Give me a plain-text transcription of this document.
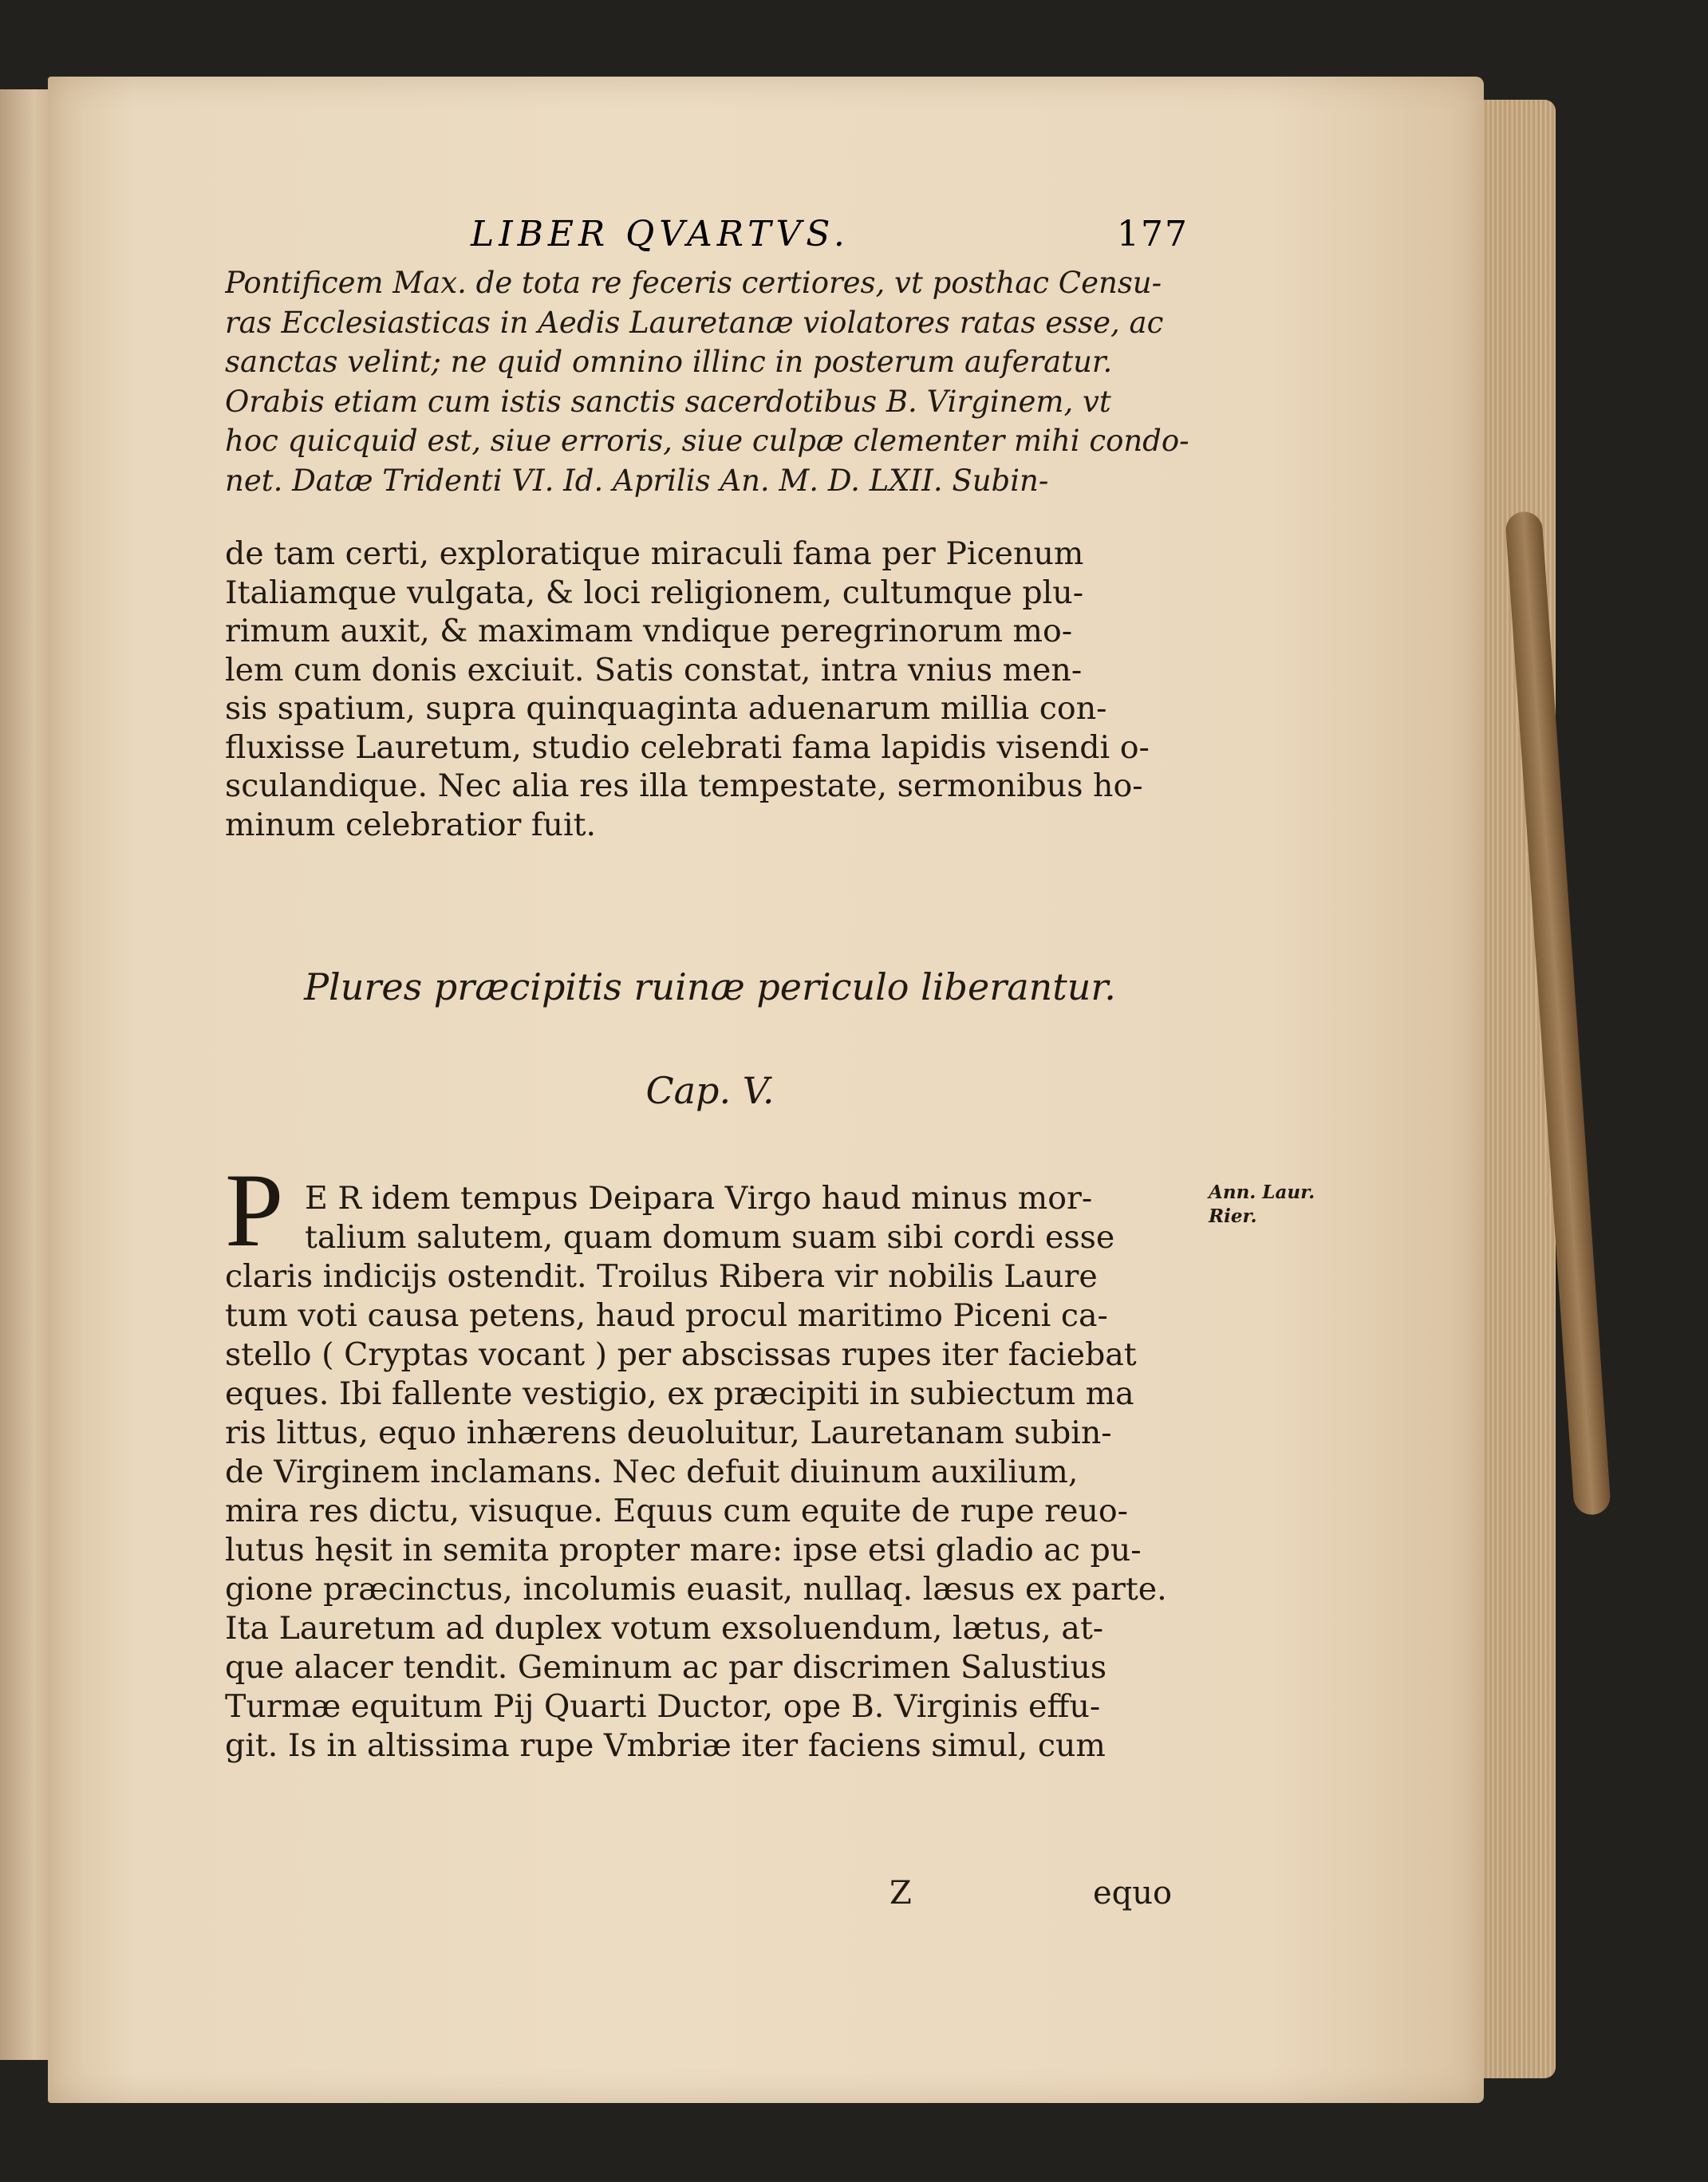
LIBER QVARTVS.	177
Pontificem Max. de tota re feceris certiores, vt posthac Censu-
ras Ecclesiasticas in Aedis Lauretanæ violatores ratas esse, ac
sanctas velint; ne quid omnino illinc in posterum auferatur.
Orabis etiam cum istis sanctis sacerdotibus B. Virginem, vt
hoc quicquid est, siue erroris, siue culpæ clementer mihi condo-
net. Datæ Tridenti VI. Id. Aprilis An. M. D. LXII. Subin-
de tam certi, exploratique miraculi fama per Picenum
Italiamque vulgata, & loci religionem, cultumque plu-
rimum auxit, & maximam vndique peregrinorum mo-
lem cum donis exciuit. Satis constat, intra vnius men-
sis spatium, supra quinquaginta aduenarum millia con-
fluxisse Lauretum, studio celebrati fama lapidis visendi o-
sculandique. Nec alia res illa tempestate, sermonibus ho-
minum celebratior fuit.
Plures præcipitis ruinæ periculo liberantur.
Cap. V.
P E R idem tempus Deipara Virgo haud minus mor-
talium salutem, quam domum suam sibi cordi esse
claris indicijs ostendit. Troilus Ribera vir nobilis Laure
tum voti causa petens, haud procul maritimo Piceni ca-
stello ( Cryptas vocant ) per abscissas rupes iter faciebat
eques. Ibi fallente vestigio, ex præcipiti in subiectum ma
ris littus, equo inhærens deuoluitur, Lauretanam subin-
de Virginem inclamans. Nec defuit diuinum auxilium,
mira res dictu, visuque. Equus cum equite de rupe reuo-
lutus hęsit in semita propter mare: ipse etsi gladio ac pu-
gione præcinctus, incolumis euasit, nullaq. læsus ex parte.
Ita Lauretum ad duplex votum exsoluendum, lætus, at-
que alacer tendit. Geminum ac par discrimen Salustius
Turmæ equitum Pij Quarti Ductor, ope B. Virginis effu-
git. Is in altissima rupe Vmbriæ iter faciens simul, cum
Ann. Laur.
Rier.
Z	equo
